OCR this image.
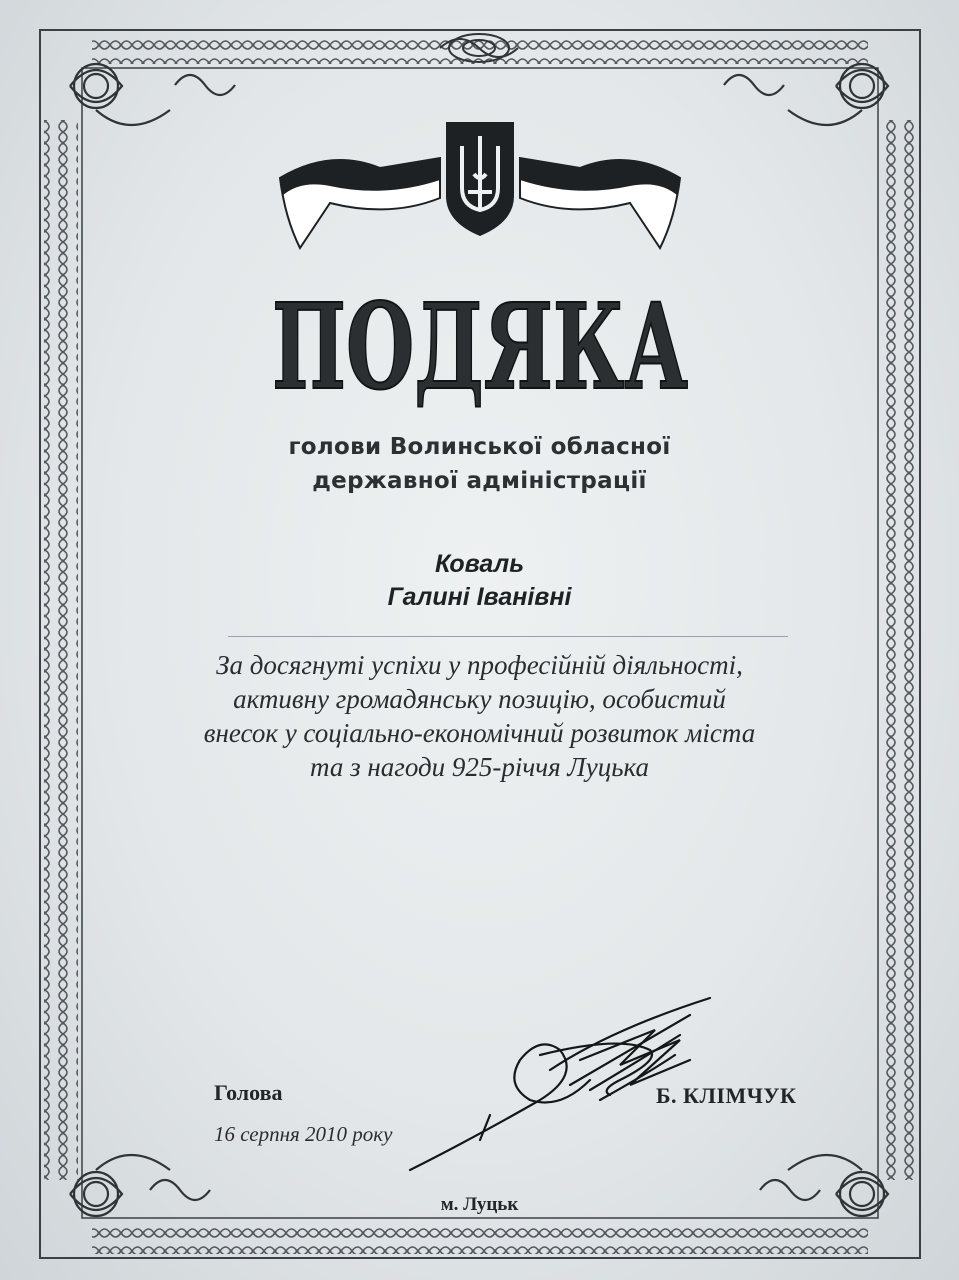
ПОДЯКА
голови Волинської обласної
державної адміністрації
Коваль
Галині Іванівні
За досягнуті успіхи у професійній діяльності,
активну громадянську позицію, особистий
внесок у соціально-економічний розвиток міста
та з нагоди 925-річчя Луцька
Голова
16 серпня 2010 року
Б. КЛІМЧУК
м. Луцьк
